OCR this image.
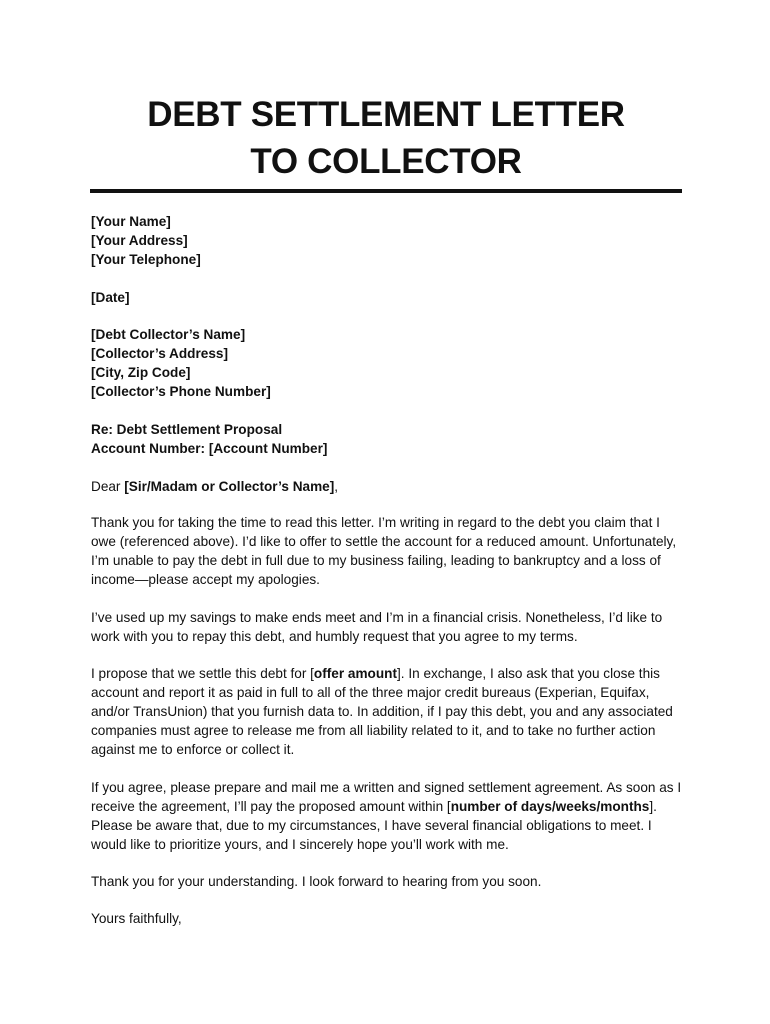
DEBT SETTLEMENT LETTER
TO COLLECTOR
[Your Name]
[Your Address]
[Your Telephone]
[Date]
[Debt Collector’s Name]
[Collector’s Address]
[City, Zip Code]
[Collector’s Phone Number]
Re: Debt Settlement Proposal
Account Number: [Account Number]
Dear [Sir/Madam or Collector’s Name],

Thank you for taking the time to read this letter. I’m writing in regard to the debt you claim that I owe (referenced above). I’d like to offer to settle the account for a reduced amount. Unfortunately, I’m unable to pay the debt in full due to my business failing, leading to bankruptcy and a loss of income—please accept my apologies.

I’ve used up my savings to make ends meet and I’m in a financial crisis. Nonetheless, I’d like to work with you to repay this debt, and humbly request that you agree to my terms.

I propose that we settle this debt for [offer amount]. In exchange, I also ask that you close this account and report it as paid in full to all of the three major credit bureaus (Experian, Equifax, and/or TransUnion) that you furnish data to. In addition, if I pay this debt, you and any associated companies must agree to release me from all liability related to it, and to take no further action against me to enforce or collect it.

If you agree, please prepare and mail me a written and signed settlement agreement. As soon as I receive the agreement, I’ll pay the proposed amount within [number of days/weeks/months]. Please be aware that, due to my circumstances, I have several financial obligations to meet. I would like to prioritize yours, and I sincerely hope you’ll work with me.

Thank you for your understanding. I look forward to hearing from you soon.

Yours faithfully,
